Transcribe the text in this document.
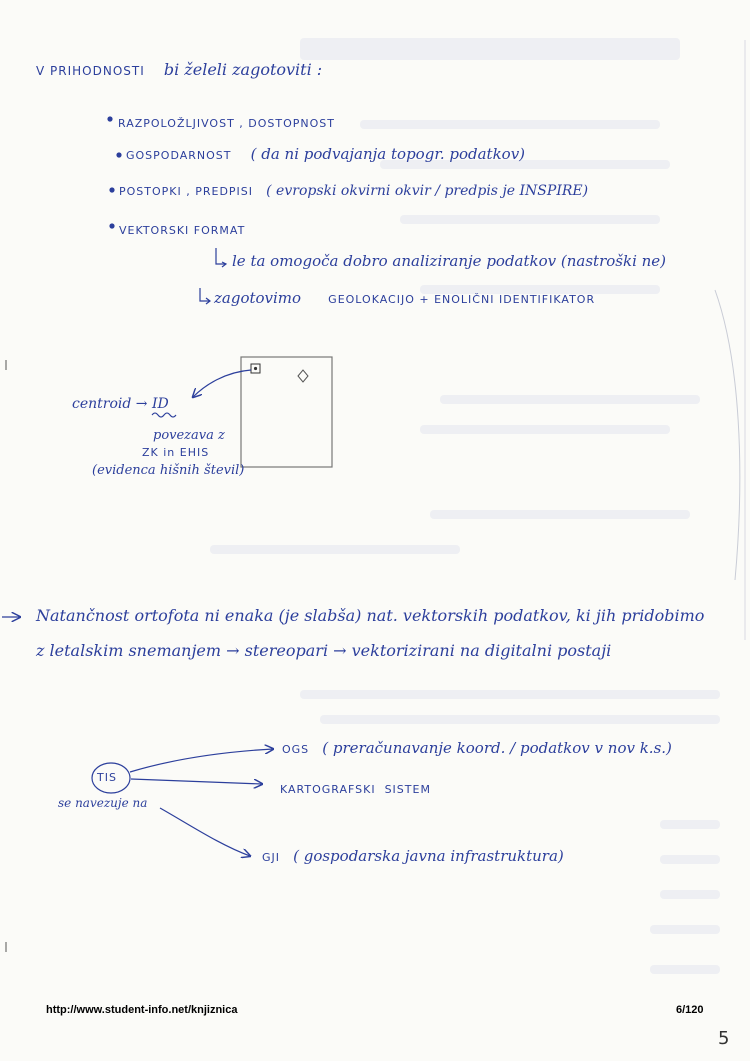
V PRIHODNOSTI bi želeli zagotoviti :
RAZPOLOŽLJIVOST , DOSTOPNOST
GOSPODARNOST ( da ni podvajanja topogr. podatkov)
POSTOPKI , PREDPISI ( evropski okvirni okvir / predpis je INSPIRE)
VEKTORSKI FORMAT
le ta omogoča dobro analiziranje podatkov (nastroški ne)
zagotovimo GEOLOKACIJO + ENOLIČNI IDENTIFIKATOR
centroid → ID
povezava z
ZK in EHIS
(evidenca hišnih števil)
Natančnost ortofota ni enaka (je slabša) nat. vektorskih podatkov, ki jih pridobimo
z letalskim snemanjem → stereopari → vektorizirani na digitalni postaji
TIS
se navezuje na
OGS ( preračunavanje koord. / podatkov v nov k.s.)
KARTOGRAFSKI  SISTEM
GJI ( gospodarska javna infrastruktura)
http://www.student-info.net/knjiznica	6/120
5
